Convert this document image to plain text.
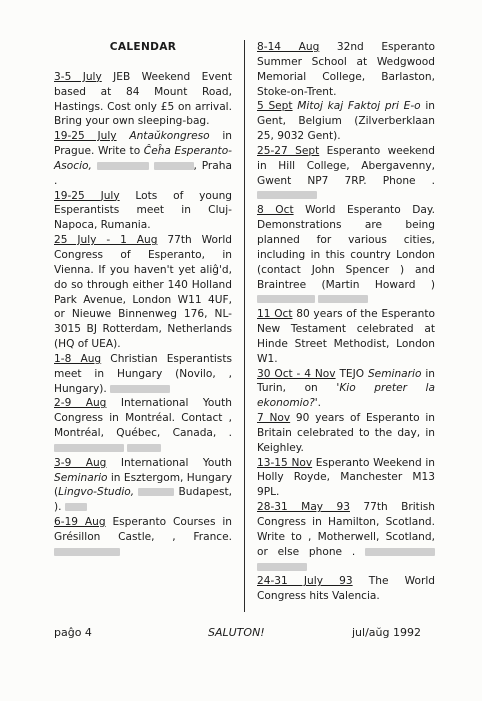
CALENDAR

3-5 July JEB Weekend Event based at 84 Mount Road, Hastings. Cost only £5 on arrival. Bring your own sleeping-bag.

19-25 July Antaŭkongreso in Prague. Write to Ĉeĥa Esperanto-Asocio,	, Praha .

19-25 July Lots of young Esperantists meet in Cluj-Napoca, Rumania.

25 July - 1 Aug 77th World Congress of Esperanto, in Vienna. If you haven't yet aliĝ'd, do so through either 140 Holland Park Avenue, London W11 4UF, or Nieuwe Binnenweg 176, NL-3015 BJ Rotterdam, Netherlands (HQ of UEA).

1-8 Aug Christian Esperantists meet in Hungary (Novilo, , Hungary).

2-9 Aug International Youth Congress in Montréal. Contact , Montréal, Québec, Canada, .

3-9 Aug International Youth Seminario in Esztergom, Hungary (Lingvo-Studio,	Budapest, ).

6-19 Aug Esperanto Courses in Grésillon Castle, , France.

8-14 Aug 32nd Esperanto Summer School at Wedgwood Memorial College, Barlaston, Stoke-on-Trent.

5 Sept Mitoj kaj Faktoj pri E-o in Gent, Belgium (Zilverberklaan 25, 9032 Gent).

25-27 Sept Esperanto weekend in Hill College, Abergavenny, Gwent NP7 7RP. Phone .

8 Oct World Esperanto Day. Demonstrations are being planned for various cities, including in this country London (contact John Spencer ) and Braintree (Martin Howard )

11 Oct 80 years of the Esperanto New Testament celebrated at Hinde Street Methodist, London W1.

30 Oct - 4 Nov TEJO Seminario in Turin, on 'Kio preter la ekonomio?'.

7 Nov 90 years of Esperanto in Britain celebrated to the day, in Keighley.

13-15 Nov Esperanto Weekend in Holly Royde, Manchester M13 9PL.

28-31 May 93 77th British Congress in Hamilton, Scotland. Write to , Motherwell, Scotland, or else phone .

24-31 July 93 The World Congress hits Valencia.

paĝo 4	SALUTON!	jul/aŭg 1992
